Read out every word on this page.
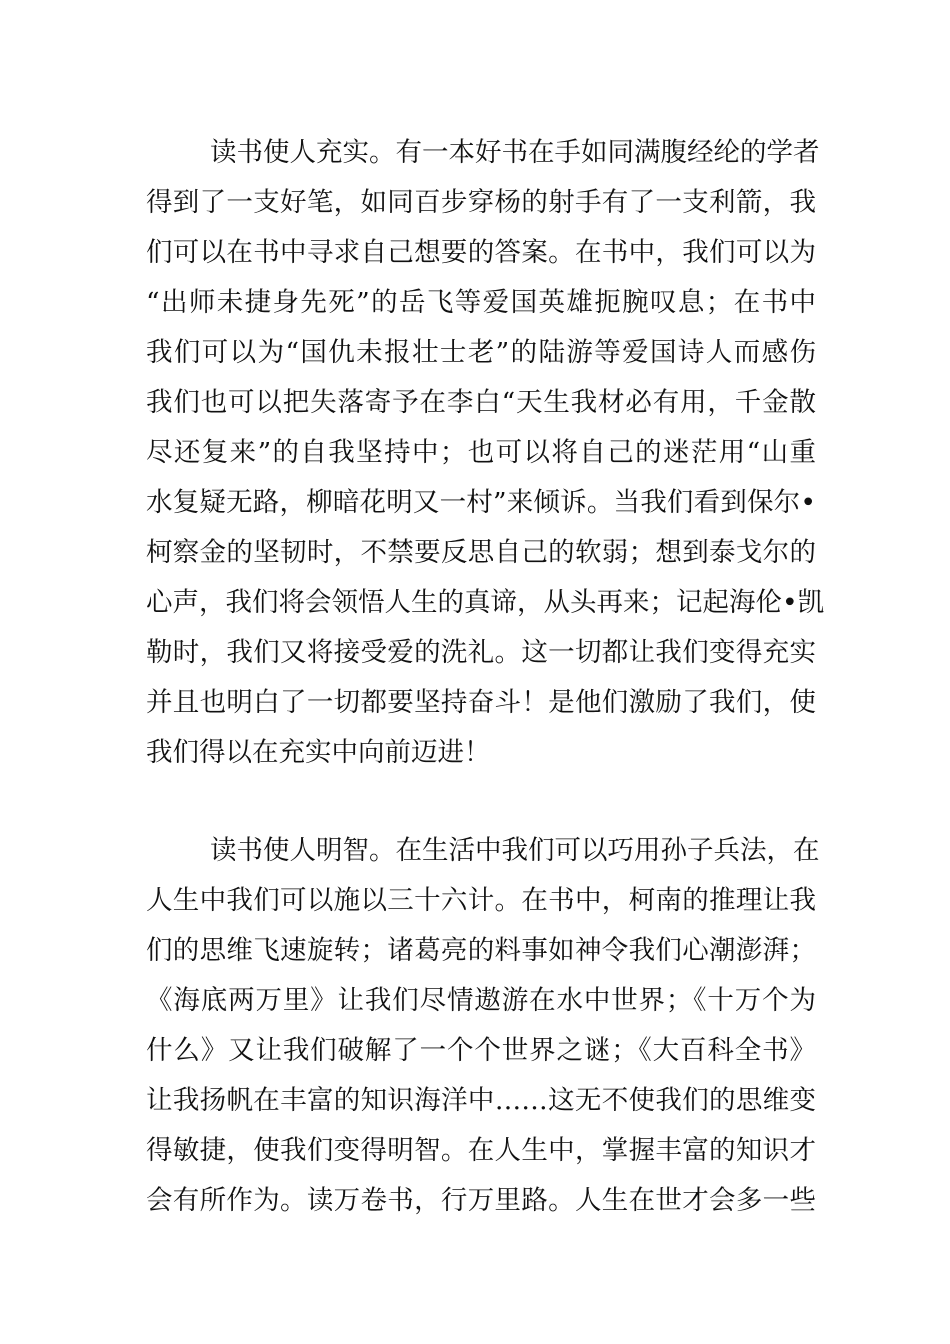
读书使人充实。有一本好书在手如同满腹经纶的学者
得到了一支好笔，如同百步穿杨的射手有了一支利箭，我
们可以在书中寻求自己想要的答案。在书中，我们可以为
“出师未捷身先死”的岳飞等爱国英雄扼腕叹息；在书中
我们可以为“国仇未报壮士老”的陆游等爱国诗人而感伤
我们也可以把失落寄予在李白“天生我材必有用，千金散
尽还复来”的自我坚持中；也可以将自己的迷茫用“山重
水复疑无路，柳暗花明又一村”来倾诉。当我们看到保尔•
柯察金的坚韧时，不禁要反思自己的软弱；想到泰戈尔的
心声，我们将会领悟人生的真谛，从头再来；记起海伦•凯
勒时，我们又将接受爱的洗礼。这一切都让我们变得充实
并且也明白了一切都要坚持奋斗！是他们激励了我们，使
我们得以在充实中向前迈进！
读书使人明智。在生活中我们可以巧用孙子兵法，在
人生中我们可以施以三十六计。在书中，柯南的推理让我
们的思维飞速旋转；诸葛亮的料事如神令我们心潮澎湃；
《海底两万里》让我们尽情遨游在水中世界；《十万个为
什么》又让我们破解了一个个世界之谜；《大百科全书》
让我扬帆在丰富的知识海洋中……这无不使我们的思维变
得敏捷，使我们变得明智。在人生中，掌握丰富的知识才
会有所作为。读万卷书，行万里路。人生在世才会多一些
